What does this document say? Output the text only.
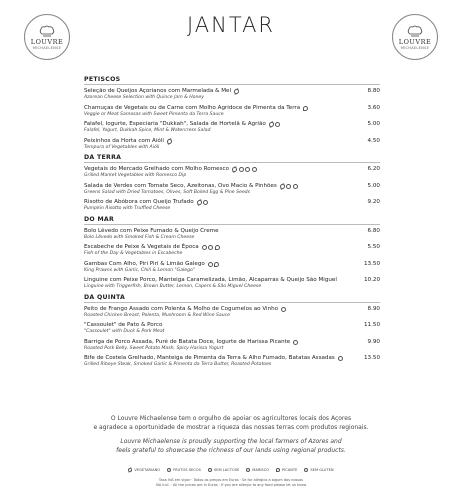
LOUVRE
MICHAELENSE
JANTAR
LOUVRE
MICHAELENSE
PETISCOS
Seleção de Queijos Açorianos com Marmelada & Mel	8.80
Azorean Cheese Selection with Quince Jam & Honey
Chamuças de Vegetais ou de Carne com Molho Agridoce de Pimenta da Terra	3.60
Veggie or Meat Samosas with Sweet Pimenta da Terra Sauce
Falafel, Iogurte, Especiaria "Dukkah", Salada de Hortelã & Agrião	5.00
Falafel, Yogurt, Dukkah Spice, Mint & Watercress Salad
Peixinhos da Horta com Aióli	4.50
Tempura of Vegetables with Aióli
DA TERRA
Vegetais do Mercado Grelhado com Molho Romesco	6.20
Grilled Market Vegetables with Romesco Dip
Salada de Verdes com Tomate Seco, Azeitonas, Ovo Macio & Pinhões	5.00
Greens Salad with Dried Tomatoes, Olives, Soft Boiled Egg & Pine Seeds
Risotto de Abóbora com Queijo Trufado	9.20
Pumpkin Risotto with Truffled Cheese
DO MAR
Bolo Lêvedo com Peixe Fumado & Queijo Creme	6.80
Bolo Lêvedo with Smoked Fish & Cream Cheese
Escabeche de Peixe & Vegetais de Época	5.50
Fish of the Day & Vegetables in Escabeche
Gambas Com Alho, Piri Piri & Limão Galego	13.50
King Prawns with Garlic, Chili & Lemon "Galego"
Linguine com Peixe Porco, Manteiga Caramelizada, Limão, Alcaparras & Queijo São Miguel	10.20
Linguine with Triggerfish, Brown Butter, Lemon, Capers & São Miguel Cheese
DA QUINTA
Peito de Frango Assado com Polenta & Molho de Cogumelos ao Vinho	8.90
Roasted Chicken Breast, Polenta, Mushroom & Red Wine Sauce
"Cassoulet" de Pato & Porco	11.50
"Cassoulet" with Duck & Pork Meat
Barriga de Porco Assada, Puré de Batata Doce, Iogurte de Harissa Picante	9.90
Roasted Pork Belly, Sweet Potato Mash, Spicy Harissa Yogurt
Bife de Costela Grelhado, Manteiga de Pimenta da Terra & Alho Fumado, Batatas Assadas	13.50
Grilled Ribeye Steak, Smoked Garlic & Pimenta da Terra Butter, Roasted Potatoes
O Louvre Michaelense tem o orgulho de apoiar os agricultores locais dos Açores
e agradece a oportunidade de mostrar a riqueza das nossas terras com produtos regionais.
Louvre Michaelense is proudly supporting the local farmers of Azores and
feels grateful to showcase the richness of our lands using regional products.
VEGETARIANO	FRUTOS SECOS	SEM LACTOSE	MARISCO	PICANTE	SEM GLÚTEN
Taxa IVA em vigor · Todos os preços em Euros · Se for alérgico a algum dos nossos
IVA incl. · All the prices are in Euros · If you are allergic to any food please let us know
